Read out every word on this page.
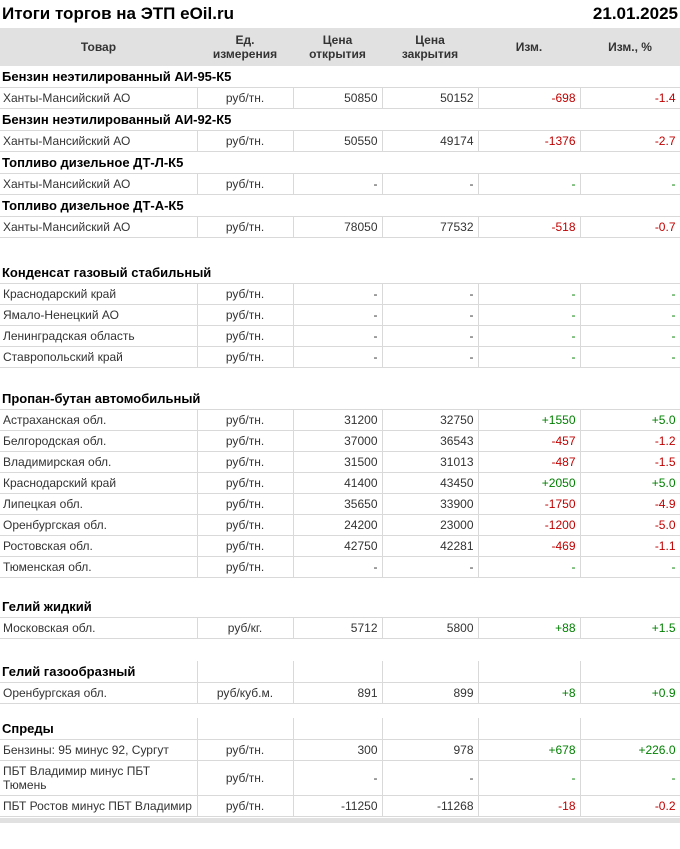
Итоги торгов на ЭТП eOil.ru	21.01.2025
Товар	Ед. измерения	Цена открытия	Цена закрытия	Изм.	Изм., %
Бензин неэтилированный АИ-95-К5					
Ханты-Мансийский АО	руб/тн.	50850	50152	-698	-1.4
Бензин неэтилированный АИ-92-К5					
Ханты-Мансийский АО	руб/тн.	50550	49174	-1376	-2.7
Топливо дизельное ДТ-Л-К5					
Ханты-Мансийский АО	руб/тн.	-	-	-	-
Топливо дизельное ДТ-А-К5					
Ханты-Мансийский АО	руб/тн.	78050	77532	-518	-0.7

Конденсат газовый стабильный					
Краснодарский край	руб/тн.	-	-	-	-
Ямало-Ненецкий АО	руб/тн.	-	-	-	-
Ленинградская область	руб/тн.	-	-	-	-
Ставропольский край	руб/тн.	-	-	-	-

Пропан-бутан автомобильный					
Астраханская обл.	руб/тн.	31200	32750	+1550	+5.0
Белгородская обл.	руб/тн.	37000	36543	-457	-1.2
Владимирская обл.	руб/тн.	31500	31013	-487	-1.5
Краснодарский край	руб/тн.	41400	43450	+2050	+5.0
Липецкая обл.	руб/тн.	35650	33900	-1750	-4.9
Оренбургская обл.	руб/тн.	24200	23000	-1200	-5.0
Ростовская обл.	руб/тн.	42750	42281	-469	-1.1
Тюменская обл.	руб/тн.	-	-	-	-

Гелий жидкий					
Московская обл.	руб/кг.	5712	5800	+88	+1.5

Гелий газообразный					
Оренбургская обл.	руб/куб.м.	891	899	+8	+0.9

Спреды					
Бензины: 95 минус 92, Сургут	руб/тн.	300	978	+678	+226.0
ПБТ Владимир минус ПБТ Тюмень	руб/тн.	-	-	-	-
ПБТ Ростов минус ПБТ Владимир	руб/тн.	-11250	-11268	-18	-0.2
